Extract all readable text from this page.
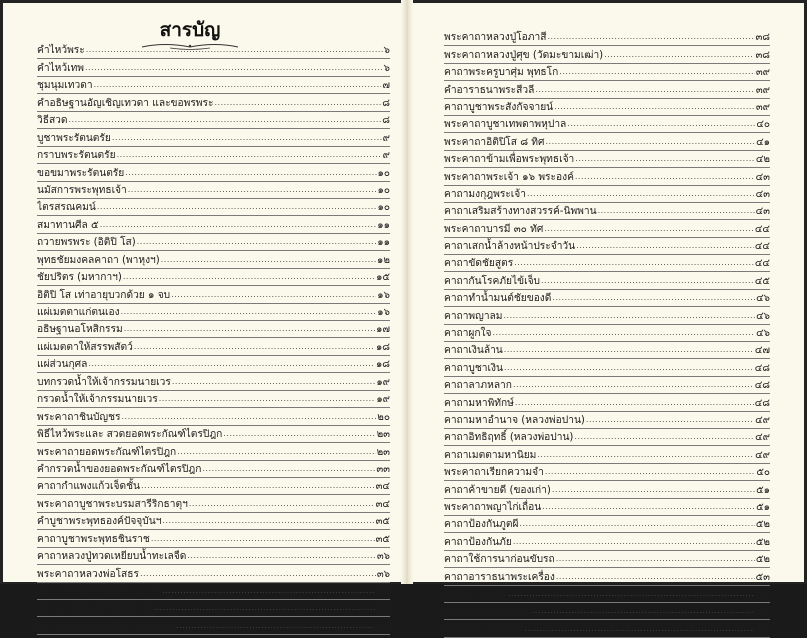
สารบัญ
คำไหว้พระ .....	๖
คำไหว้เทพ .....	๖
ชุมนุมเทวดา .....	๗
คำอธิษฐานอัญเชิญเทวดา และขอพรพระ .....	๘
วิธีสวด .....	๘
บูชาพระรัตนตรัย .....	๙
กราบพระรัตนตรัย .....	๙
ขอขมาพระรัตนตรัย .....	๑๐
นมัสการพระพุทธเจ้า .....	๑๐
ไตรสรณคมน์ .....	๑๐
สมาทานศีล ๕ .....	๑๑
ถวายพรพระ (อิติปิ โส) .....	๑๑
พุทธชัยมงคลคาถา (พาหุงฯ) .....	๑๒
ชัยปริตร (มหากาฯ) .....	๑๕
อิติปิ โส เท่าอายุบวกด้วย ๑ จบ .....	๑๖
แผ่เมตตาแก่ตนเอง .....	๑๖
อธิษฐานอโหสิกรรม .....	๑๗
แผ่เมตตาให้สรรพสัตว์ .....	๑๘
แผ่ส่วนกุศล .....	๑๘
บทกรวดน้ำให้เจ้ากรรมนายเวร .....	๑๙
กรวดน้ำให้เจ้ากรรมนายเวร .....	๑๙
พระคาถาชินบัญชร .....	๒๐
พิธีไหว้พระและ สวดยอดพระกัณฑ์ไตรปิฎก .....	๒๓
พระคาถายอดพระกัณฑ์ไตรปิฎก .....	๒๓
คำกรวดน้ำของยอดพระกัณฑ์ไตรปิฎก .....	๓๓
คาถากำแพงแก้วเจ็ดชั้น .....	๓๔
พระคาถาบูชาพระบรมสารีริกธาตุฯ .....	๓๔
คำบูชาพระพุทธองค์ปัจจุบันฯ .....	๓๕
คาถาบูชาพระพุทธชินราช .....	๓๕
คาถาหลวงปู่ทวดเหยียบน้ำทะเลจืด .....	๓๖
พระคาถาหลวงพ่อโสธร .....	๓๖
พระคาถาหลวงพ่อบ้านแหลม .....	๓๗
พระคาถาของหลวงพ่อปาน .....	๓๗
พระคาถาหลวงพ่อสด วัดปากน้ำ .....	๓๘
พระคาถาหลวงปู่โอภาสี .....	๓๘
พระคาถาหลวงปู่ศุข (วัดมะขามเฒ่า) .....	๓๘
คาถาพระครูบาศุ่ม พุทธโก .....	๓๙
คำอาราธนาพระสีวลี .....	๓๙
คาถาบูชาพระสังกัจจายน์ .....	๓๙
พระคาถาบูชาเทพดาพหุปาล .....	๔๐
พระคาถาอิติปิโส ๘ ทิศ .....	๔๑
พระคาถาข้ามเพื่อพระพุทธเจ้า .....	๔๒
พระคาถาพระเจ้า ๑๖ พระองค์ .....	๔๓
คาถามงกุฎพระเจ้า .....	๔๓
คาถาเสริมสร้างทางสวรรค์-นิพพาน .....	๔๓
พระคาถาบารมี ๓๐ ทัศ .....	๔๔
คาถาเสกน้ำล้างหน้าประจำวัน .....	๔๔
คาถาขัดชัยสูตร .....	๔๔
คาถากันโรคภัยไข้เจ็บ .....	๔๕
คาถาทำน้ำมนต์ชัยของดี .....	๔๖
คาถาพญาลม .....	๔๖
คาถาผูกใจ .....	๔๖
คาถาเงินล้าน .....	๔๗
คาถาบูชาเงิน .....	๔๘
คาถาลาภหลาก .....	๔๘
คาถามหาพิทักษ์ .....	๔๘
คาถามหาอำนาจ (หลวงพ่อปาน) .....	๔๙
คาถาอิทธิฤทธิ์ (หลวงพ่อปาน) .....	๔๙
คาถาเมตตามหานิยม .....	๔๙
พระคาถาเรียกความจำ .....	๕๐
คาถาค้าขายดี (ของเก่า) .....	๕๑
พระคาถาพญาไก่เถื่อน .....	๕๑
คาถาป้องกันภูตผี .....	๕๒
คาถาป้องกันภัย .....	๕๒
คาถาใช้การนาก่อนขับรถ .....	๕๒
คาถาอาราธนาพระเครื่อง .....	๕๓
คาถาท่านพ่อลี .....	๕๓
คาถาบูชาพระพรหม .....	๕๔
คาถาท้าวเวสสุวัณ .....	๕๔
